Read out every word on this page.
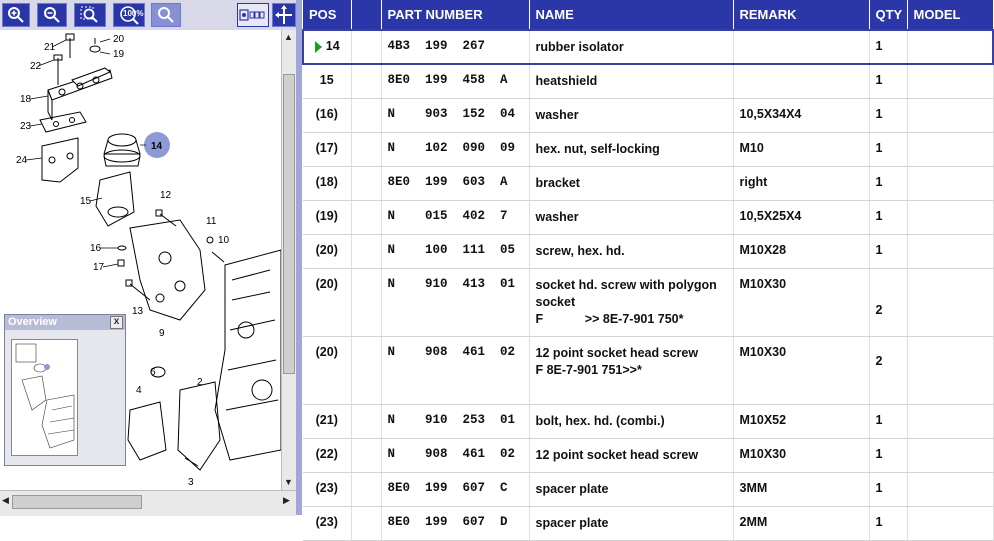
100%
21
20
19
22
18
23
14
24
15
12
11
10
16
17
13
9
6
4
2
3
Overview	x
▲
▼
◀	▶
POS		PART NUMBER	NAME	REMARK	QTY	MODEL
14		4B3  199  267	rubber isolator		1	

15		8E0  199  458  A	heatshield		1	

(16)		N    903  152  04	washer	10,5X34X4	1	

(17)		N    102  090  09	hex. nut, self-locking	M10	1	

(18)		8E0  199  603  A	bracket	right	1	

(19)		N    015  402  7	washer	10,5X25X4	1	

(20)		N    100  111  05	screw, hex. hd.	M10X28	1	

(20)		N    910  413  01	socket hd. screw with polygon
socket
F            >> 8E-7-901 750*	M10X30	2	

(20)		N    908  461  02	12 point socket head screw
F 8E-7-901 751>>*	M10X30	2	

(21)		N    910  253  01	bolt, hex. hd. (combi.)	M10X52	1	

(22)		N    908  461  02	12 point socket head screw	M10X30	1	

(23)		8E0  199  607  C	spacer plate	3MM	1	

(23)		8E0  199  607  D	spacer plate	2MM	1	
